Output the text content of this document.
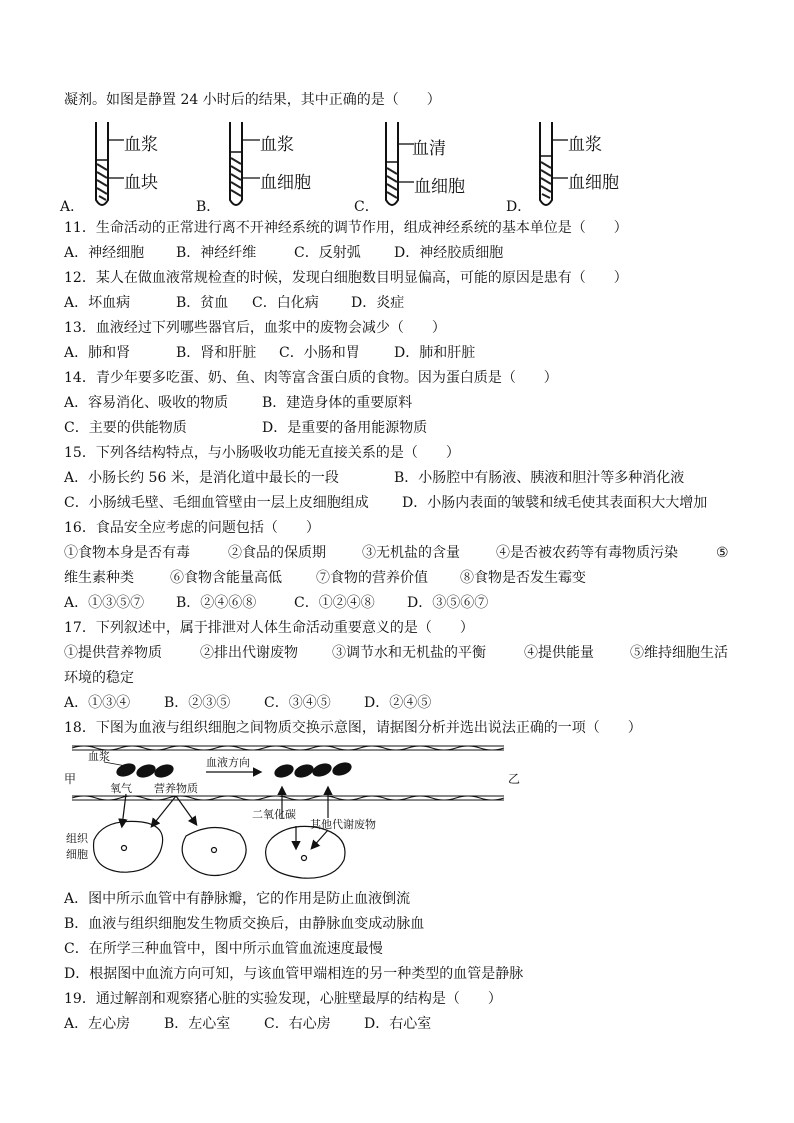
凝剂。如图是静置 24 小时后的结果，其中正确的是（　　）
A．
血浆
血块
B．
血浆
血细胞
C．
血清
血细胞
D．
血浆
血细胞
11．生命活动的正常进行离不开神经系统的调节作用，组成神经系统的基本单位是（　　）
A．神经细胞 B．神经纤维	C．反射弧 D．神经胶质细胞
12．某人在做血液常规检查的时候，发现白细胞数目明显偏高，可能的原因是患有（　　）
A．坏血病	B．贫血 C．白化病 D．炎症
13．血液经过下列哪些器官后，血浆中的废物会减少（　　）
A．肺和肾	B．肾和肝脏 C．小肠和胃 D．肺和肝脏
14．青少年要多吃蛋、奶、鱼、肉等富含蛋白质的食物。因为蛋白质是（　　）
A．容易消化、吸收的物质 B．建造身体的重要原料
C．主要的供能物质	D．是重要的备用能源物质
15．下列各结构特点，与小肠吸收功能无直接关系的是（　　）
A．小肠长约 56 米，是消化道中最长的一段	B．小肠腔中有肠液、胰液和胆汁等多种消化液
C．小肠绒毛壁、毛细血管壁由一层上皮细胞组成 D．小肠内表面的皱襞和绒毛使其表面积大大增加
16．食品安全应考虑的问题包括（　　）
①食物本身是否有毒	②食品的保质期	③无机盐的含量	④是否被农药等有毒物质污染	⑤
维生素种类	⑥食物含能量高低 ⑦食物的营养价值 ⑧食物是否发生霉变
A．①③⑤⑦ B．②④⑥⑧	C．①②④⑧ D．③⑤⑥⑦
17．下列叙述中，属于排泄对人体生命活动重要意义的是（　　）
①提供营养物质	②排出代谢废物 ③调节水和无机盐的平衡	④提供能量	⑤维持细胞生活
环境的稳定
A．①③④ B．②③⑤ C．③④⑤ D．②④⑤
18．下图为血液与组织细胞之间物质交换示意图，请据图分析并选出说法正确的一项（　　）
血浆	血液方向
甲	乙
氧气 营养物质
二氧化碳
其他代谢废物
组织
细胞
A．图中所示血管中有静脉瓣，它的作用是防止血液倒流
B．血液与组织细胞发生物质交换后，由静脉血变成动脉血
C．在所学三种血管中，图中所示血管血流速度最慢
D．根据图中血流方向可知，与该血管甲端相连的另一种类型的血管是静脉
19．通过解剖和观察猪心脏的实验发现，心脏壁最厚的结构是（　　）
A．左心房 B．左心室 C．右心房 D．右心室
